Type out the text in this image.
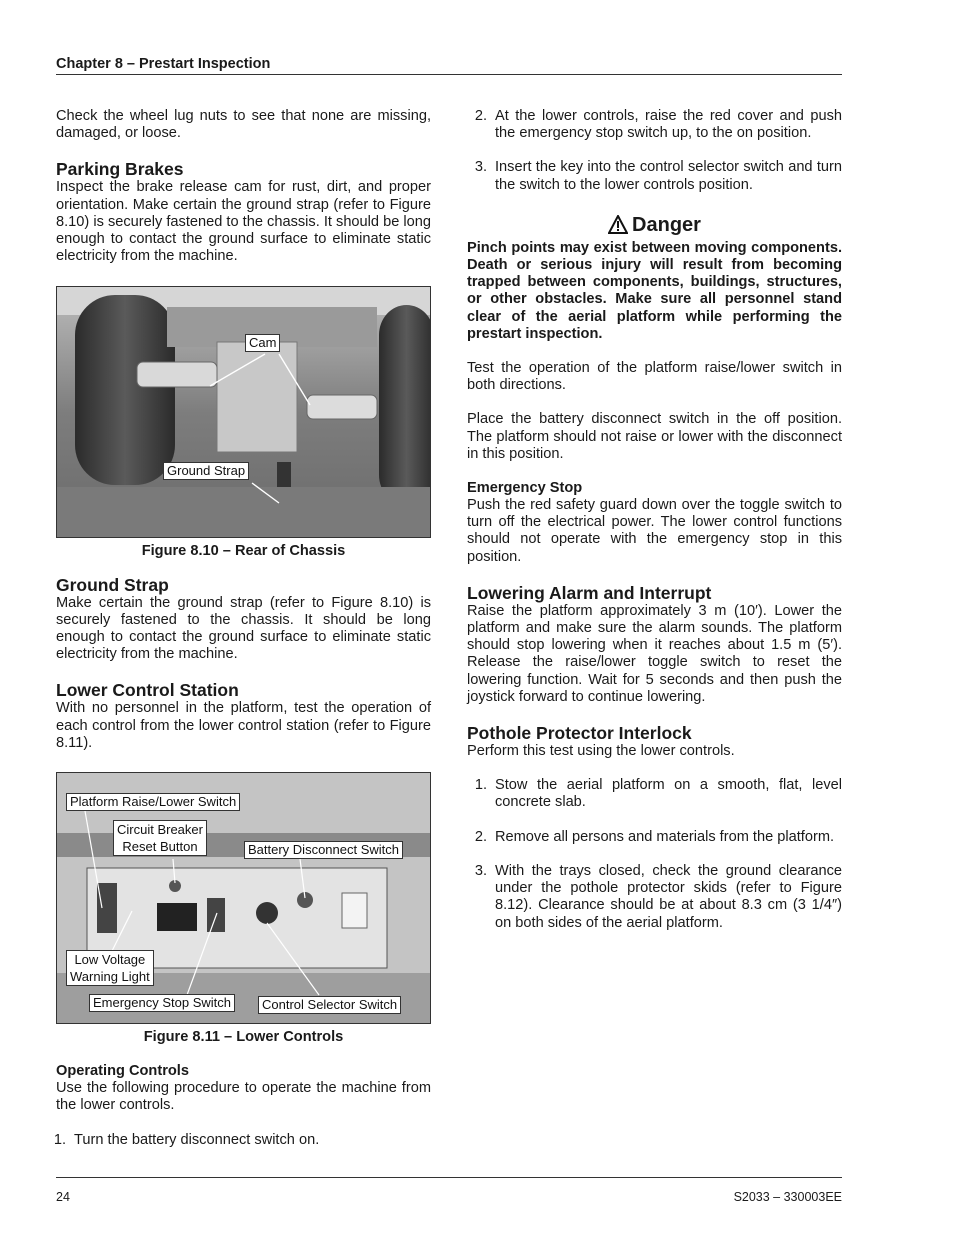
Chapter 8 – Prestart Inspection

Check the wheel lug nuts to see that none are missing, damaged, or loose.

Parking Brakes

Inspect the brake release cam for rust, dirt, and proper orientation. Make certain the ground strap (refer to Figure 8.10) is securely fastened to the chassis. It should be long enough to contact the ground surface to eliminate static electricity from the machine.

Cam
Ground Strap
Figure 8.10 – Rear of Chassis
Ground Strap

Make certain the ground strap (refer to Figure 8.10) is securely fastened to the chassis. It should be long enough to contact the ground surface to eliminate static electricity from the machine.

Lower Control Station

With no personnel in the platform, test the operation of each control from the lower control station (refer to Figure 8.11).

Platform Raise/Lower Switch
Circuit Breaker
Reset Button	Battery Disconnect Switch
Low Voltage
Warning Light
Emergency Stop Switch	Control Selector Switch
Figure 8.11 – Lower Controls
Operating Controls

Use the following procedure to operate the machine from the lower controls.

1. Turn the battery disconnect switch on.
2. At the lower controls, raise the red cover and push the emergency stop switch up, to the on position.
3. Insert the key into the control selector switch and turn the switch to the lower controls position.
Danger

Pinch points may exist between moving components. Death or serious injury will result from becoming trapped between components, buildings, structures, or other obstacles. Make sure all personnel stand clear of the aerial platform while performing the prestart inspection.

Test the operation of the platform raise/lower switch in both directions.

Place the battery disconnect switch in the off position. The platform should not raise or lower with the disconnect in this position.

Emergency Stop

Push the red safety guard down over the toggle switch to turn off the electrical power. The lower control functions should not operate with the emergency stop in this position.

Lowering Alarm and Interrupt

Raise the platform approximately 3 m (10′). Lower the platform and make sure the alarm sounds. The platform should stop lowering when it reaches about 1.5 m (5′). Release the raise/lower toggle switch to reset the lowering function. Wait for 5 seconds and then push the joystick forward to continue lowering.

Pothole Protector Interlock

Perform this test using the lower controls.

1. Stow the aerial platform on a smooth, flat, level concrete slab.
2. Remove all persons and materials from the platform.
3. With the trays closed, check the ground clearance under the pothole protector skids (refer to Figure 8.12). Clearance should be at about 8.3 cm (3 1/4″) on both sides of the aerial platform.
24	S2033 – 330003EE
